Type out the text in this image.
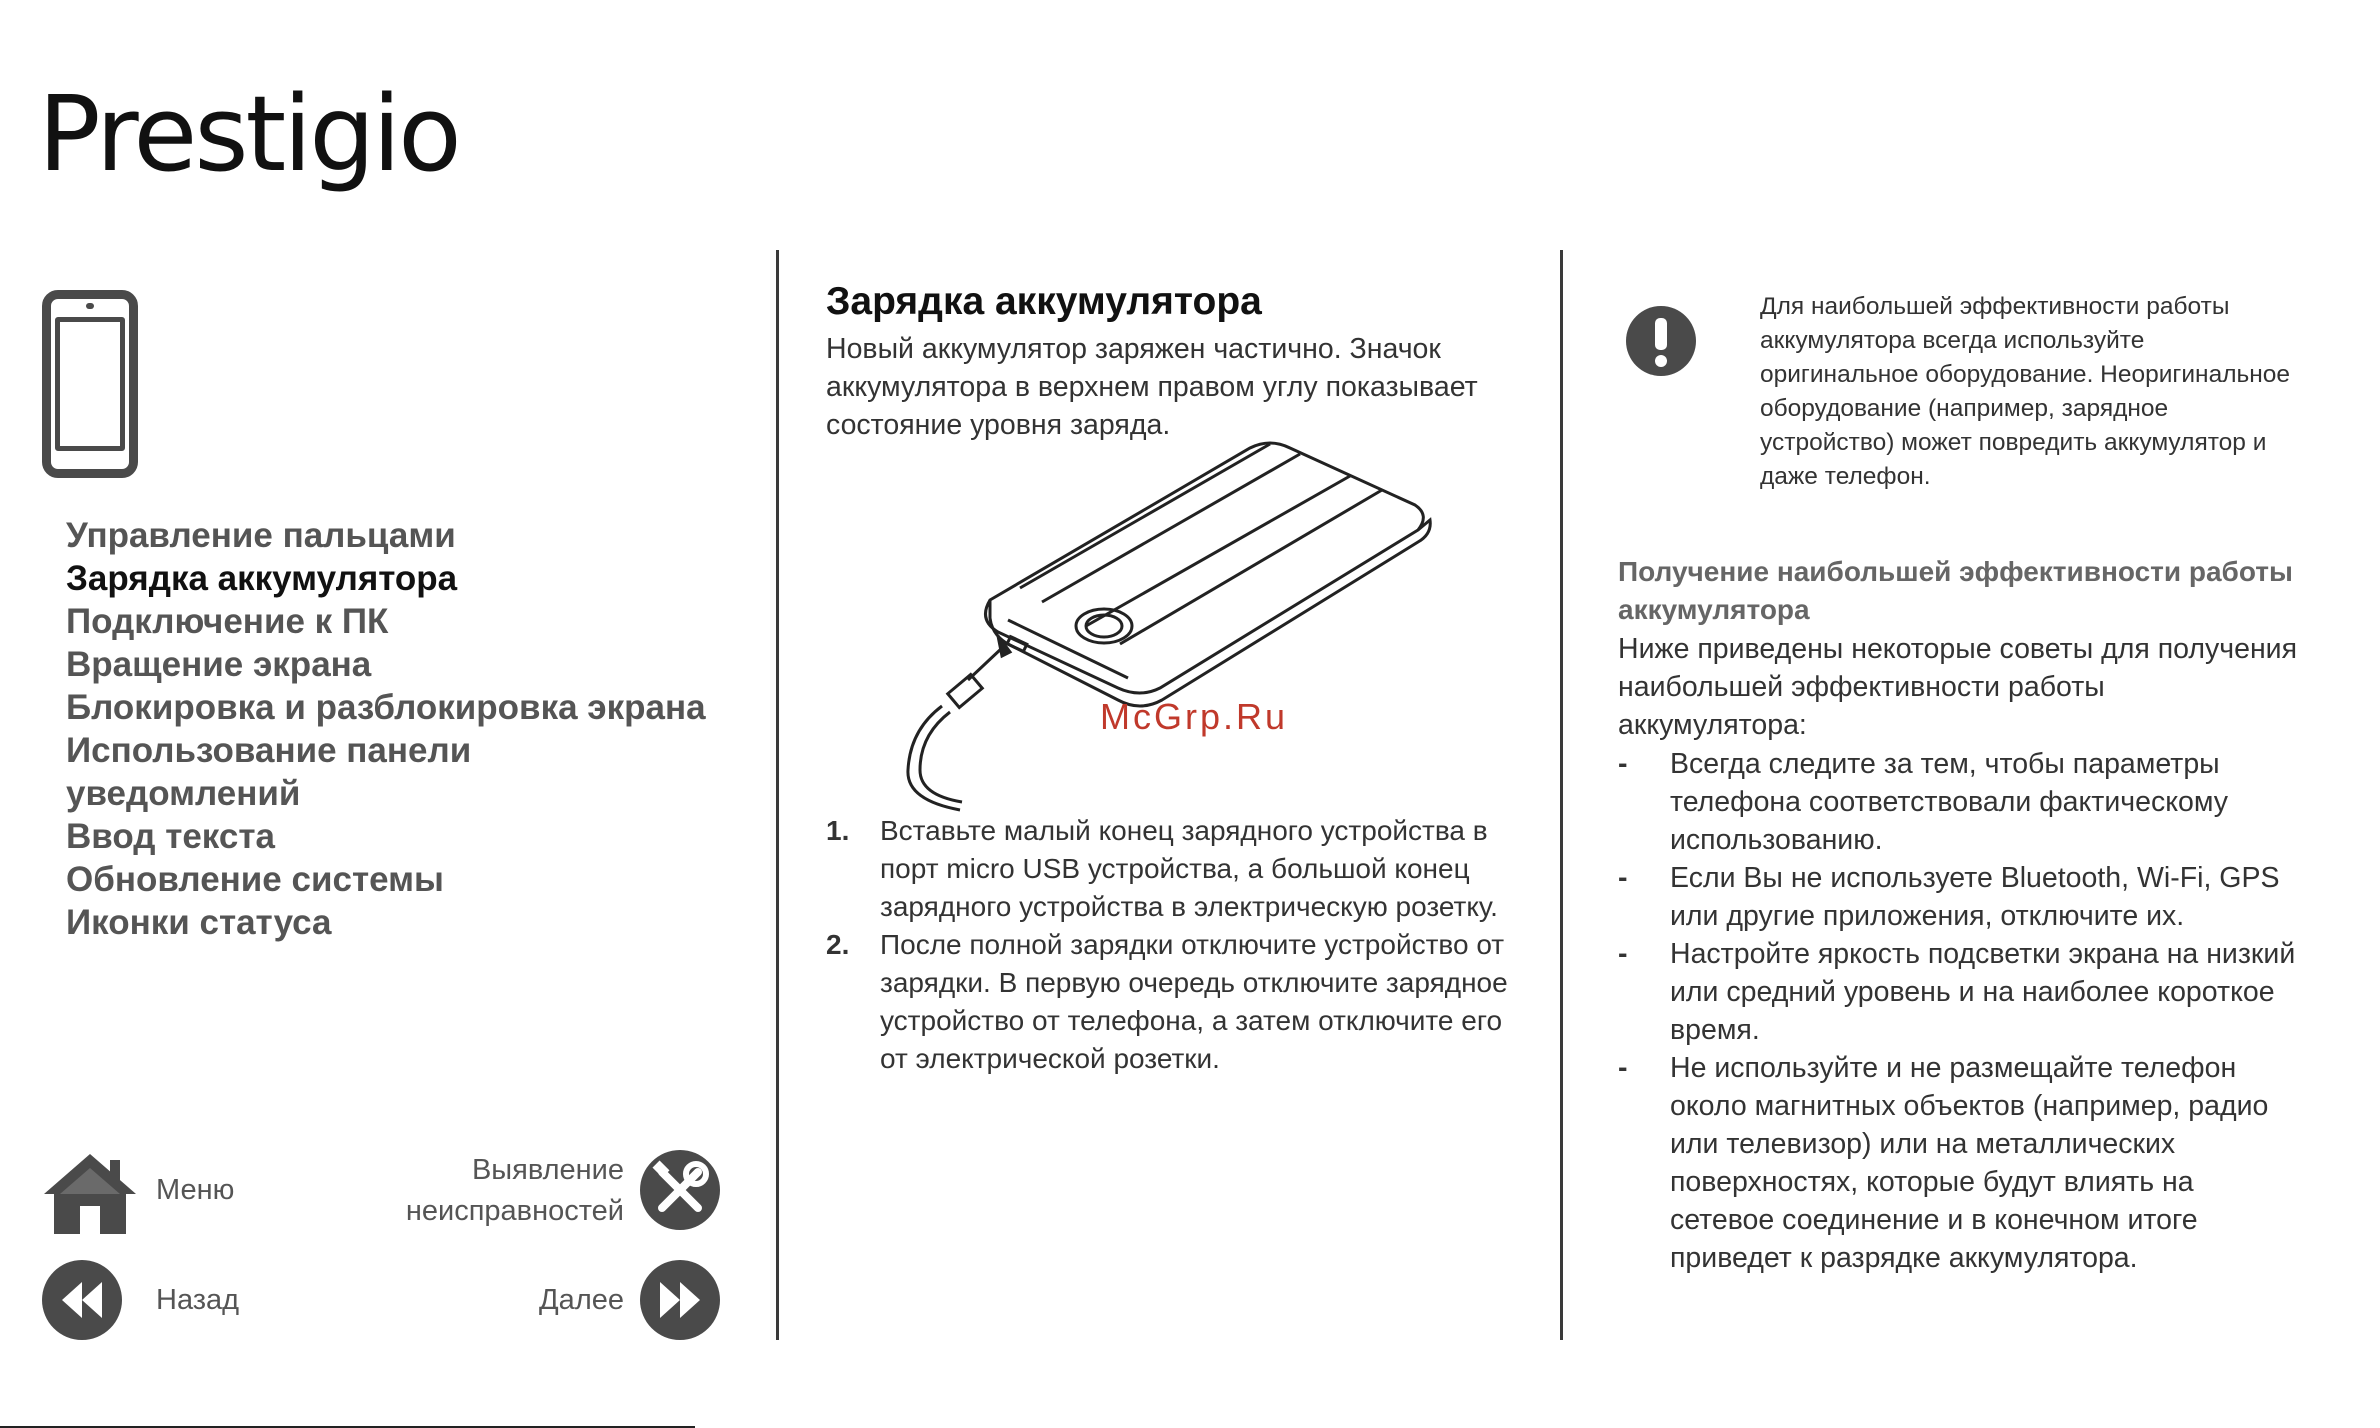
Prestigio
Управление пальцами
Зарядка аккумулятора
Подключение к ПК
Вращение экрана
Блокировка и разблокировка экрана
Использование панели
уведомлений
Ввод текста
Обновление системы
Иконки статуса
Меню
Выявление
неисправностей
Назад	Далее
Зарядка аккумулятора
Новый аккумулятор заряжен частично. Значок аккумулятора в верхнем правом углу показывает состояние уровня заряда.
McGrp.Ru
1. Вставьте малый конец зарядного устройства в порт micro USB устройства, а большой конец зарядного устройства в электрическую розетку.
2. После полной зарядки отключите устройство от зарядки. В первую очередь отключите зарядное устройство от телефона, а затем отключите его от электрической розетки.
Для наибольшей эффективности работы аккумулятора всегда используйте оригинальное оборудование. Неоригинальное оборудование (например, зарядное устройство) может повредить аккумулятор и даже телефон.
Получение наибольшей эффективности работы аккумулятора
Ниже приведены некоторые советы для получения наибольшей эффективности работы аккумулятора:
- Всегда следите за тем, чтобы параметры телефона соответствовали фактическому использованию.
- Если Вы не используете Bluetooth, Wi-Fi, GPS или другие приложения, отключите их.
- Настройте яркость подсветки экрана на низкий или средний уровень и на наиболее короткое время.
- Не используйте и не размещайте телефон около магнитных объектов (например, радио или телевизор) или на металлических поверхностях, которые будут влиять на сетевое соединение и в конечном итоге приведет к разрядке аккумулятора.
